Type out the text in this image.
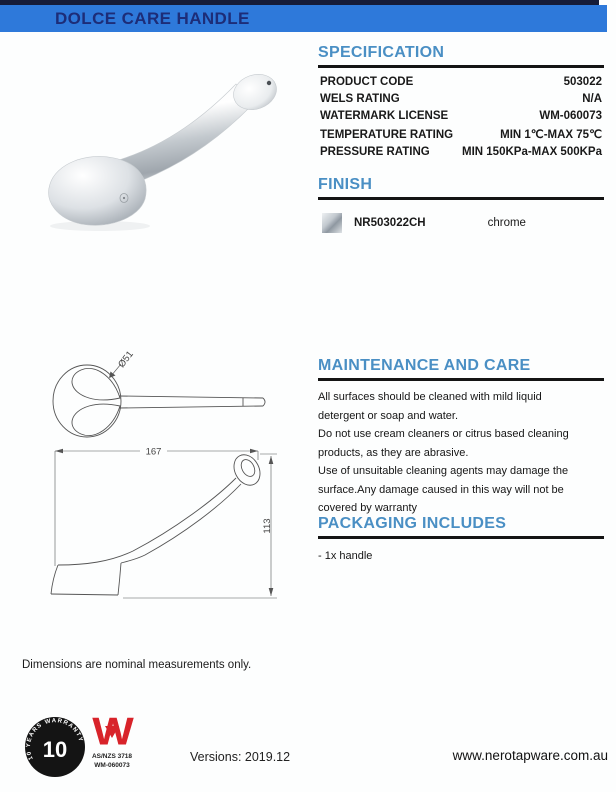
DOLCE CARE HANDLE
SPECIFICATION
PRODUCT CODE	503022
WELS RATING	N/A
WATERMARK LICENSE	WM-060073
TEMPERATURE RATING	MIN 1℃-MAX 75℃
PRESSURE RATING	MIN 150KPa-MAX 500KPa
FINISH
NR503022CH	chrome
MAINTENANCE AND CARE
All surfaces should be cleaned with mild liquid
detergent or soap and water.
Do not use cream cleaners or citrus based cleaning
products, as they are abrasive.
Use of unsuitable cleaning agents may damage the
surface.Any damage caused in this way will not be
covered by warranty
PACKAGING INCLUDES
- 1x handle
Ø51
167
113
Dimensions are nominal measurements only.
10 YEARS WARRANTY
10 W
AS/NZS 3718
WM-060073
Versions: 2019.12	www.nerotapware.com.au
